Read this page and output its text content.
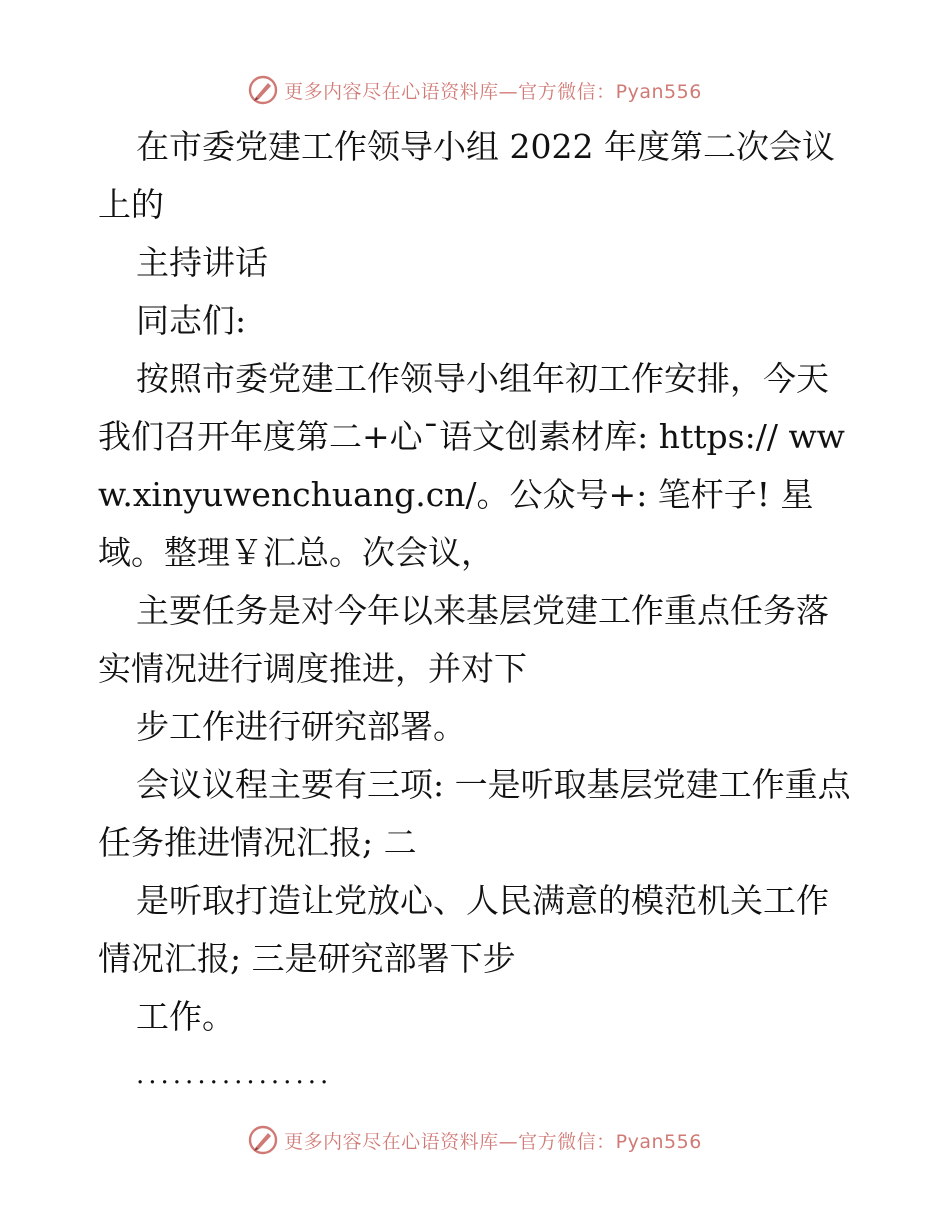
更多内容尽在心语资料库—官方微信：Pyan556

在市委党建工作领导小组 2022 年度第二次会议上的

主持讲话

同志们:

按照市委党建工作领导小组年初工作安排，今天我们召开年度第二+心¯语文创素材库: https:// www.xinyuwenchuang.cn/。公众号+: 笔杆子! 星域。整理￥汇总。次会议，

主要任务是对今年以来基层党建工作重点任务落实情况进行调度推进，并对下

步工作进行研究部署。

会议议程主要有三项: 一是听取基层党建工作重点任务推进情况汇报; 二

是听取打造让党放心、人民满意的模范机关工作情况汇报; 三是研究部署下步

工作。

................

更多内容尽在心语资料库—官方微信：Pyan556
